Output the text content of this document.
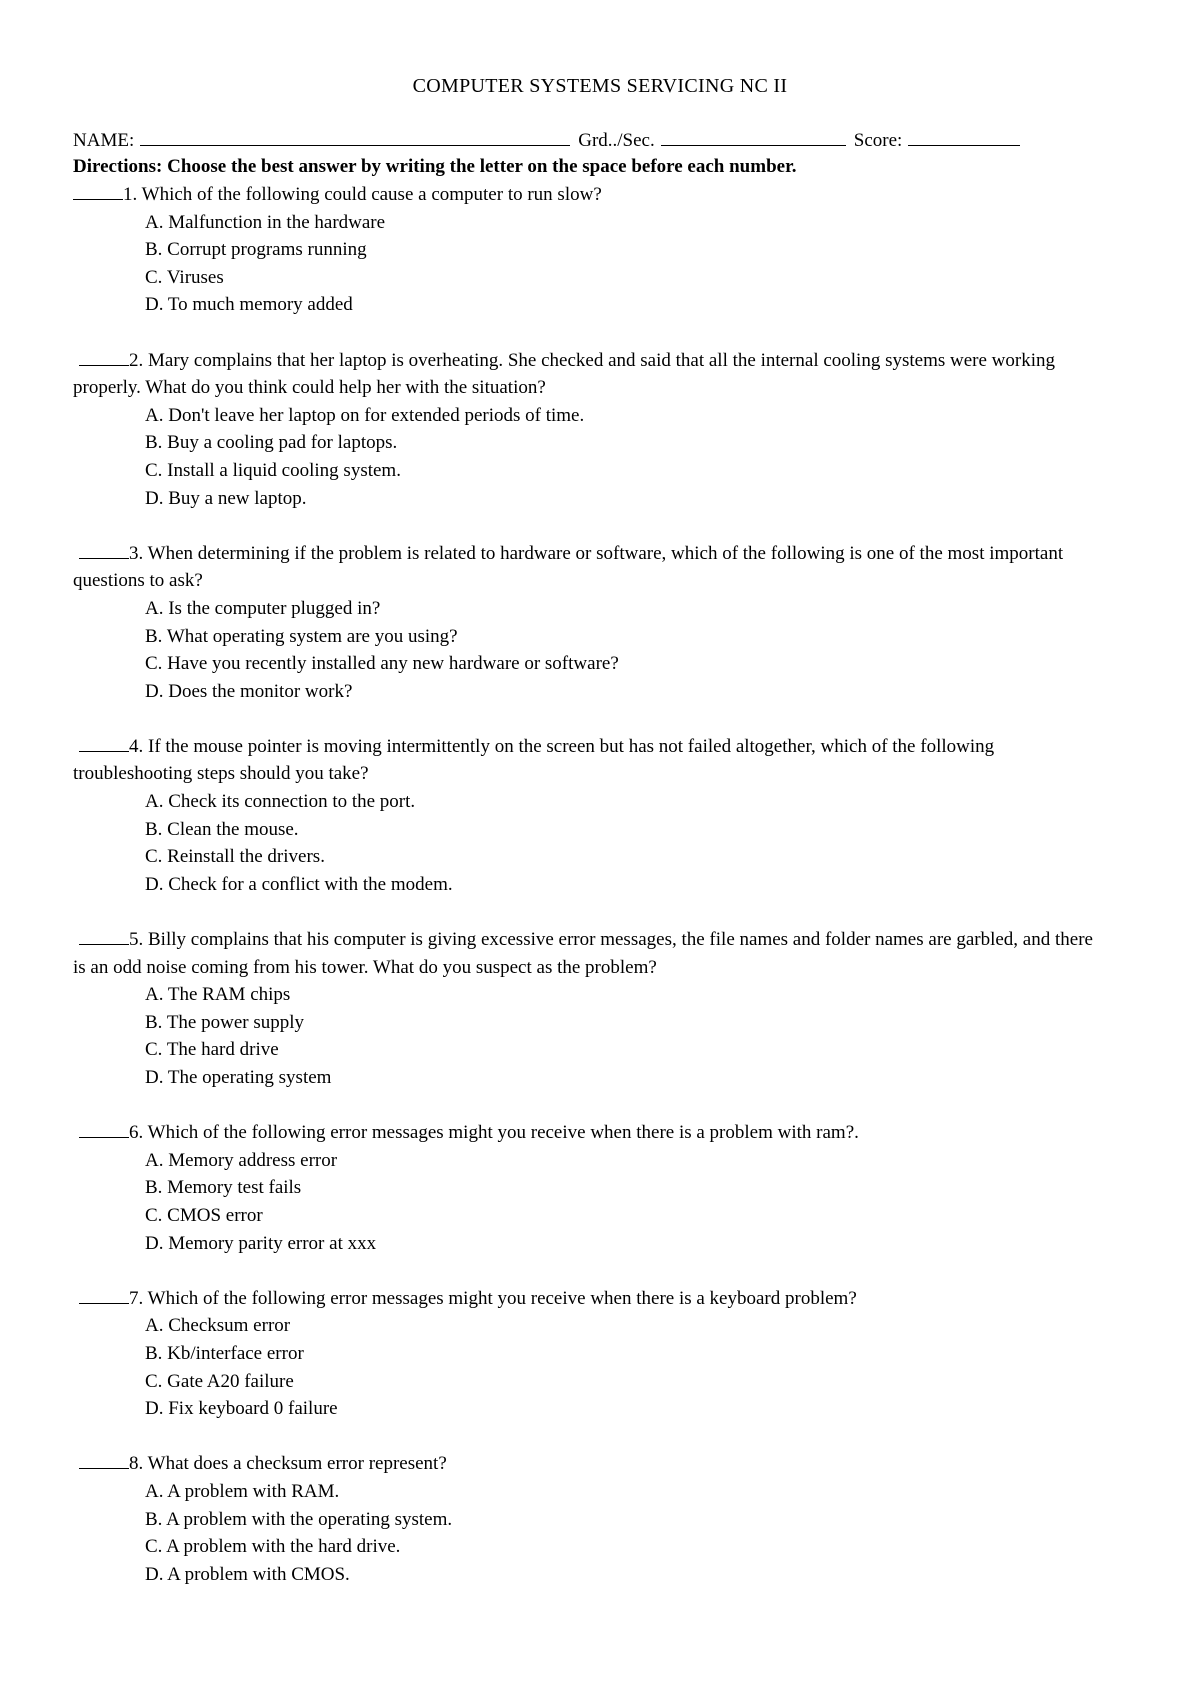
COMPUTER SYSTEMS SERVICING NC II
NAME:	Grd../Sec.	Score:
Directions: Choose the best answer by writing the letter on the space before each number.

1. Which of the following could cause a computer to run slow?

A. Malfunction in the hardware
B. Corrupt programs running
C. Viruses
D. To much memory added

2. Mary complains that her laptop is overheating. She checked and said that all the internal cooling systems were working properly. What do you think could help her with the situation?

A. Don't leave her laptop on for extended periods of time.
B. Buy a cooling pad for laptops.
C. Install a liquid cooling system.
D. Buy a new laptop.

3. When determining if the problem is related to hardware or software, which of the following is one of the most important questions to ask?

A. Is the computer plugged in?
B. What operating system are you using?
C. Have you recently installed any new hardware or software?
D. Does the monitor work?

4. If the mouse pointer is moving intermittently on the screen but has not failed altogether, which of the following troubleshooting steps should you take?

A. Check its connection to the port.
B. Clean the mouse.
C. Reinstall the drivers.
D. Check for a conflict with the modem.

5. Billy complains that his computer is giving excessive error messages, the file names and folder names are garbled, and there is an odd noise coming from his tower. What do you suspect as the problem?

A. The RAM chips
B. The power supply
C. The hard drive
D. The operating system

6. Which of the following error messages might you receive when there is a problem with ram?.

A. Memory address error
B. Memory test fails
C. CMOS error
D. Memory parity error at xxx

7. Which of the following error messages might you receive when there is a keyboard problem?

A. Checksum error
B. Kb/interface error
C. Gate A20 failure
D. Fix keyboard 0 failure

8. What does a checksum error represent?

A. A problem with RAM.
B. A problem with the operating system.
C. A problem with the hard drive.
D. A problem with CMOS.
